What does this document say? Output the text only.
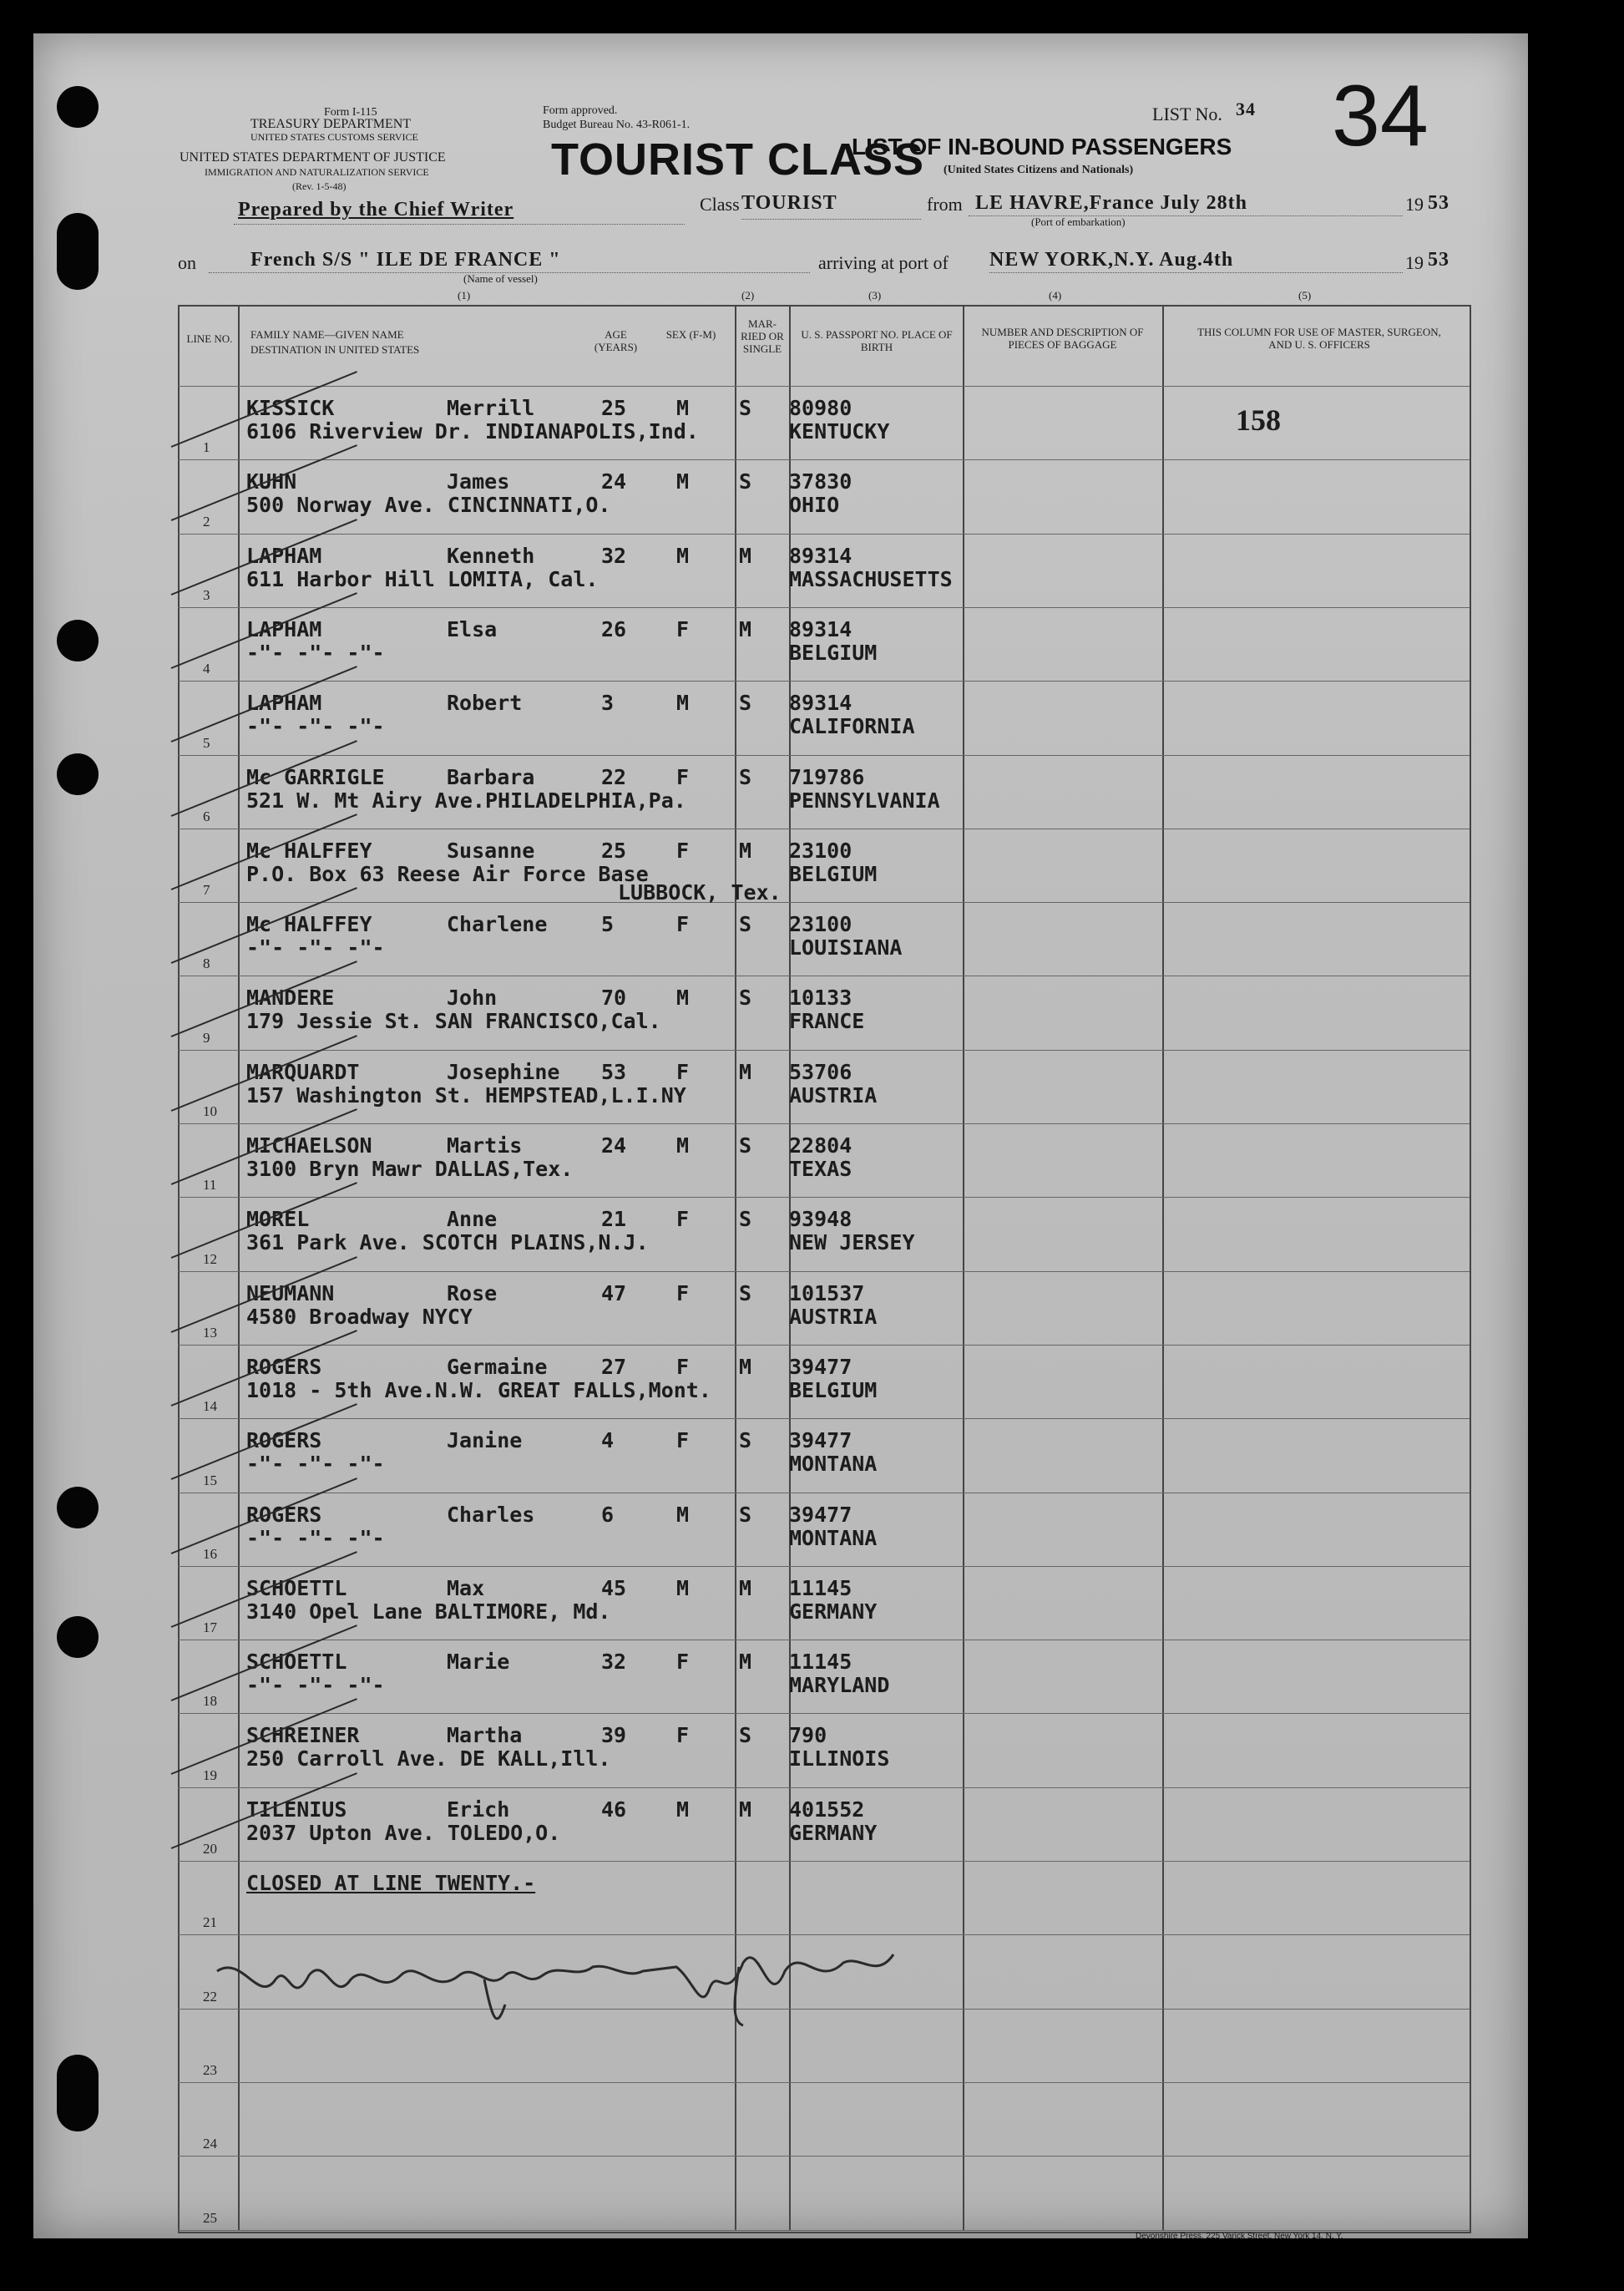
Form I-115
TREASURY DEPARTMENT
UNITED STATES CUSTOMS SERVICE
Form approved.
Budget Bureau No. 43-R061-1.
UNITED STATES DEPARTMENT OF JUSTICE
IMMIGRATION AND NATURALIZATION SERVICE
(Rev. 1-5-48)
TOURIST CLASS
LIST OF IN-BOUND PASSENGERS
(United States Citizens and Nationals)
LIST No. 34 34
Prepared by the Chief Writer	Class TOURIST	from LE HAVRE,France July 28th	19 53
(Port of embarkation)
on	French S/S " ILE DE FRANCE "
(Name of vessel)
arriving at port of NEW YORK,N.Y. Aug.4th	19 53
(1)	(2)	(3)	(4)	(5)
LINE NO.	FAMILY NAME—GIVEN NAME
DESTINATION IN UNITED STATES
AGE (YEARS)
SEX (F-M)
MAR-RIED OR SINGLE
U. S. PASSPORT NO. PLACE OF BIRTH
NUMBER AND DESCRIPTION OF PIECES OF BAGGAGE
THIS COLUMN FOR USE OF MASTER, SURGEON, AND U. S. OFFICERS
1
KISSICK	Merrill	25 M S 80980
6106 Riverview Dr. INDIANAPOLIS,Ind.	KENTUCKY	158
2
KUHN	James	24 M S 37830
500 Norway Ave. CINCINNATI,O.	OHIO
3
LAPHAM	Kenneth	32 M M 89314
611 Harbor Hill LOMITA, Cal.	MASSACHUSETTS
4
LAPHAM	Elsa	26 F M 89314
-"- -"- -"-	BELGIUM
5
LAPHAM	Robert	3	M S 89314
-"- -"- -"-	CALIFORNIA
6
Mc GARRIGLE	Barbara	22 F S 719786
521 W. Mt Airy Ave.PHILADELPHIA,Pa.	PENNSYLVANIA
7
Mc HALFFEY	Susanne	25 F M 23100
P.O. Box 63 Reese Air Force Base	BELGIUM
LUBBOCK, Tex.
8
Mc HALFFEY	Charlene	5	F S 23100
-"- -"- -"-	LOUISIANA
9
MANDERE	John	70 M S 10133
179 Jessie St. SAN FRANCISCO,Cal.	FRANCE
10
MARQUARDT	Josephine 53 F M 53706
157 Washington St. HEMPSTEAD,L.I.NY	AUSTRIA
11
MICHAELSON	Martis	24 M S 22804
3100 Bryn Mawr DALLAS,Tex.	TEXAS
12
MOREL	Anne	21 F S 93948
361 Park Ave. SCOTCH PLAINS,N.J.	NEW JERSEY
13
NEUMANN	Rose	47 F S 101537
4580 Broadway NYCY	AUSTRIA
14
ROGERS	Germaine	27 F M 39477
1018 - 5th Ave.N.W. GREAT FALLS,Mont.	BELGIUM
15
ROGERS	Janine	4	F S 39477
-"- -"- -"-	MONTANA
16
ROGERS	Charles	6	M S 39477
-"- -"- -"-	MONTANA
17
SCHOETTL	Max	45 M M 11145
3140 Opel Lane BALTIMORE, Md.	GERMANY
18
SCHOETTL	Marie	32 F M 11145
-"- -"- -"-	MARYLAND
19
SCHREINER	Martha	39 F S 790
250 Carroll Ave. DE KALL,Ill.	ILLINOIS
20
TILENIUS	Erich	46 M M 401552
2037 Upton Ave. TOLEDO,O.	GERMANY
21
CLOSED AT LINE TWENTY.-
22
23
24
25
Devonshire Press, 225 Varick Street, New York 14, N. Y.
